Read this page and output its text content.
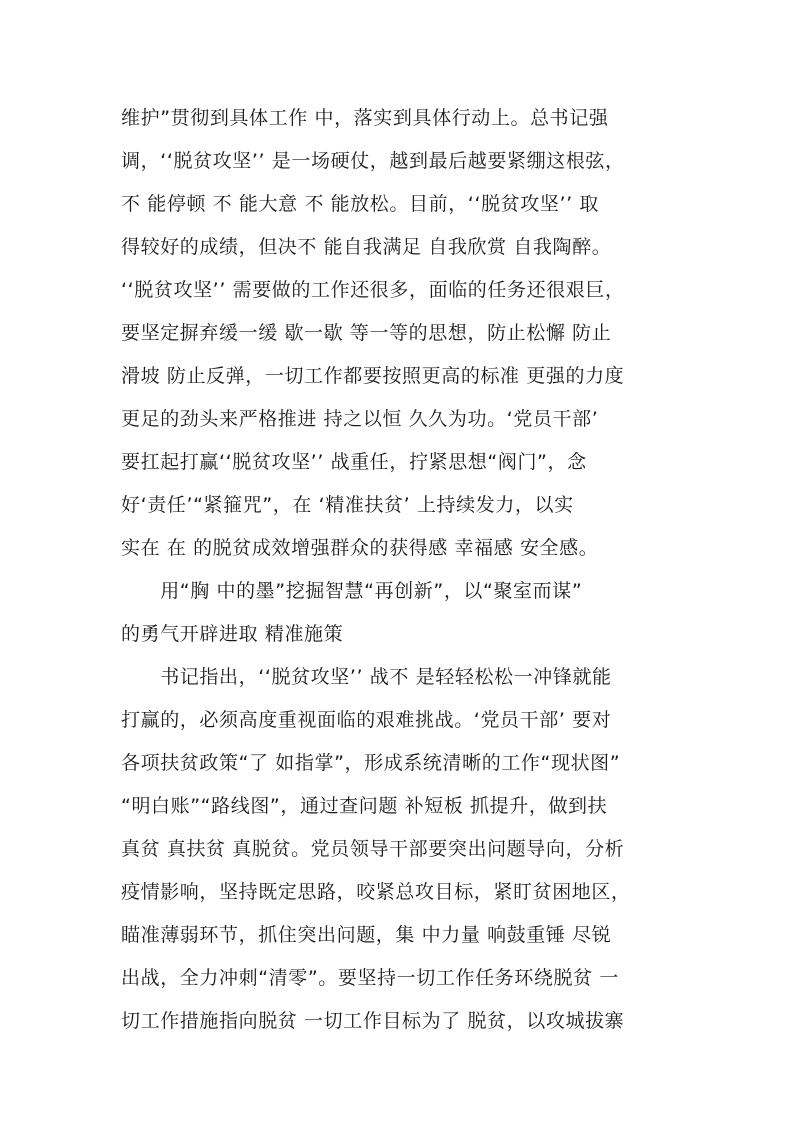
维护”贯彻到具体工作 中，落实到具体行动上。总书记强
调，‘‘脱贫攻坚’’ 是一场硬仗，越到最后越要紧绷这根弦，
不 能停顿 不 能大意 不 能放松。目前，‘‘脱贫攻坚’’ 取
得较好的成绩，但决不 能自我满足 自我欣赏 自我陶醉。
‘‘脱贫攻坚’’ 需要做的工作还很多，面临的任务还很艰巨，
要坚定摒弃缓一缓 歇一歇 等一等的思想，防止松懈 防止
滑坡 防止反弹，一切工作都要按照更高的标准 更强的力度
更足的劲头来严格推进 持之以恒 久久为功。‘党员干部’
要扛起打赢‘‘脱贫攻坚’’ 战重任，拧紧思想“阀门”，念
好‘责任’“紧箍咒”，在 ‘精准扶贫’ 上持续发力，以实
实在 在 的脱贫成效增强群众的获得感 幸福感 安全感。
　　用“胸 中的墨”挖掘智慧“再创新”，以“聚室而谋”
的勇气开辟进取 精准施策
　　书记指出，‘‘脱贫攻坚’’ 战不 是轻轻松松一冲锋就能
打赢的，必须高度重视面临的艰难挑战。‘党员干部’ 要对
各项扶贫政策“了 如指掌”，形成系统清晰的工作“现状图”
“明白账”“路线图”，通过查问题 补短板 抓提升，做到扶
真贫 真扶贫 真脱贫。党员领导干部要突出问题导向，分析
疫情影响，坚持既定思路，咬紧总攻目标，紧盯贫困地区，
瞄准薄弱环节，抓住突出问题，集 中力量 响鼓重锤 尽锐
出战，全力冲刺“清零”。要坚持一切工作任务环绕脱贫 一
切工作措施指向脱贫 一切工作目标为了 脱贫，以攻城拔寨
